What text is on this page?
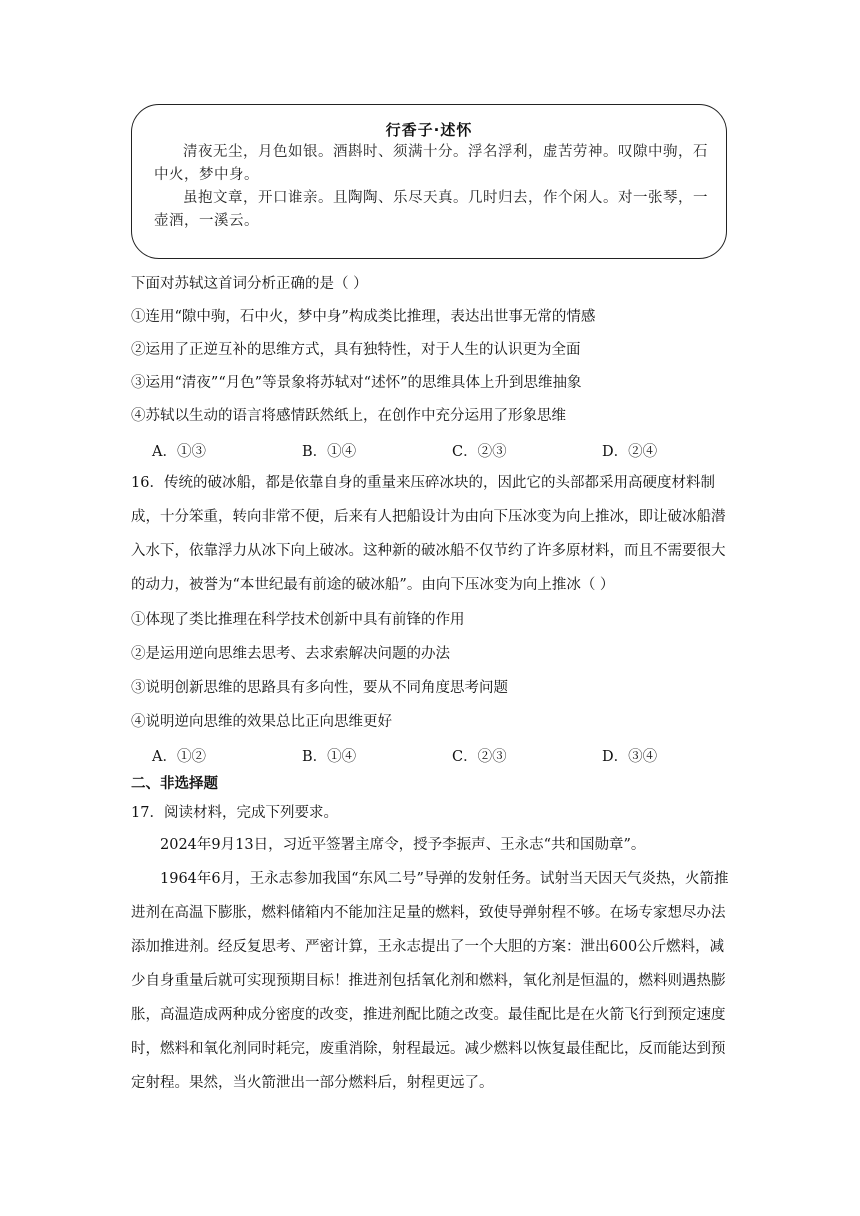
行香子·述怀

清夜无尘，月色如银。酒斟时、须满十分。浮名浮利，虚苦劳神。叹隙中驹，石中火，梦中身。

虽抱文章，开口谁亲。且陶陶、乐尽天真。几时归去，作个闲人。对一张琴，一壶酒，一溪云。

下面对苏轼这首词分析正确的是（ ）
①连用“隙中驹，石中火，梦中身”构成类比推理，表达出世事无常的情感
②运用了正逆互补的思维方式，具有独特性，对于人生的认识更为全面
③运用“清夜”“月色”等景象将苏轼对“述怀”的思维具体上升到思维抽象
④苏轼以生动的语言将感情跃然纸上，在创作中充分运用了形象思维
A．①③	B．①④	C．②③	D．②④

16．传统的破冰船，都是依靠自身的重量来压碎冰块的，因此它的头部都采用高硬度材料制成，十分笨重，转向非常不便，后来有人把船设计为由向下压冰变为向上推冰，即让破冰船潜入水下，依靠浮力从冰下向上破冰。这种新的破冰船不仅节约了许多原材料，而且不需要很大的动力，被誉为“本世纪最有前途的破冰船”。由向下压冰变为向上推冰（ ）

①体现了类比推理在科学技术创新中具有前锋的作用
②是运用逆向思维去思考、去求索解决问题的办法
③说明创新思维的思路具有多向性，要从不同角度思考问题
④说明逆向思维的效果总比正向思维更好
A．①②	B．①④	C．②③	D．③④
二、非选择题
17．阅读材料，完成下列要求。

2024年9月13日，习近平签署主席令，授予李振声、王永志“共和国勋章”。

1964年6月，王永志参加我国“东风二号”导弹的发射任务。试射当天因天气炎热，火箭推进剂在高温下膨胀，燃料储箱内不能加注足量的燃料，致使导弹射程不够。在场专家想尽办法添加推进剂。经反复思考、严密计算，王永志提出了一个大胆的方案：泄出600公斤燃料，减少自身重量后就可实现预期目标！推进剂包括氧化剂和燃料，氧化剂是恒温的，燃料则遇热膨胀，高温造成两种成分密度的改变，推进剂配比随之改变。最佳配比是在火箭飞行到预定速度时，燃料和氧化剂同时耗完，废重消除，射程最远。减少燃料以恢复最佳配比，反而能达到预定射程。果然，当火箭泄出一部分燃料后，射程更远了。
